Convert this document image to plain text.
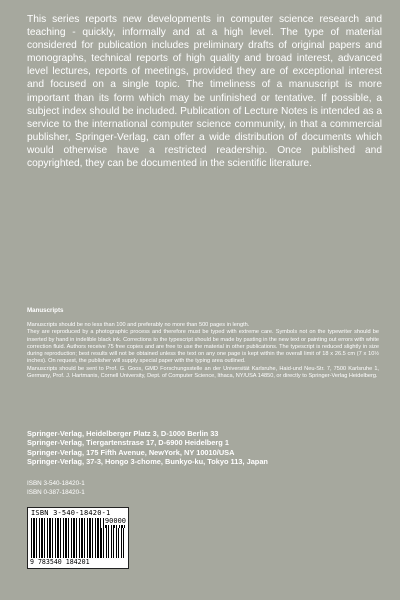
This series reports new developments in computer science research and teaching - quickly, informally and at a high level. The type of material considered for publication includes preliminary drafts of original papers and monographs, technical reports of high quality and broad interest, advanced level lectures, reports of meetings, provided they are of exceptional interest and focused on a single topic. The timeliness of a manuscript is more important than its form which may be unfinished or tentative. If possible, a subject index should be included. Publication of Lecture Notes is intended as a service to the international computer science community, in that a commercial publisher, Springer-Verlag, can offer a wide distribution of documents which would otherwise have a restricted readership. Once published and copyrighted, they can be documented in the scientific literature.
Manuscripts

Manuscripts should be no less than 100 and preferably no more than 500 pages in length.

They are reproduced by a photographic process and therefore must be typed with extreme care. Symbols not on the typewriter should be inserted by hand in indelible black ink. Corrections to the typescript should be made by pasting in the new text or painting out errors with white correction fluid. Authors receive 75 free copies and are free to use the material in other publications. The typescript is reduced slightly in size during reproduction; best results will not be obtained unless the text on any one page is kept within the overall limit of 18 x 26.5 cm (7 x 10½ inches). On request, the publisher will supply special paper with the typing area outlined.

Manuscripts should be sent to Prof. G. Goos, GMD Forschungsstelle an der Universität Karlsruhe, Haid-und Neu-Str. 7, 7500 Karlsruhe 1, Germany, Prof. J. Hartmanis, Cornell University, Dept. of Computer Science, Ithaca, NY/USA 14850, or directly to Springer-Verlag Heidelberg.

Springer-Verlag, Heidelberger Platz 3, D-1000 Berlin 33
Springer-Verlag, Tiergartenstrase 17, D-6900 Heidelberg 1
Springer-Verlag, 175 Fifth Avenue, NewYork, NY 10010/USA
Springer-Verlag, 37-3, Hongo 3-chome, Bunkyo-ku, Tokyo 113, Japan
ISBN 3-540-18420-1
ISBN 0-387-18420-1
ISBN 3-540-18420-1
90000
9 783540 184201
